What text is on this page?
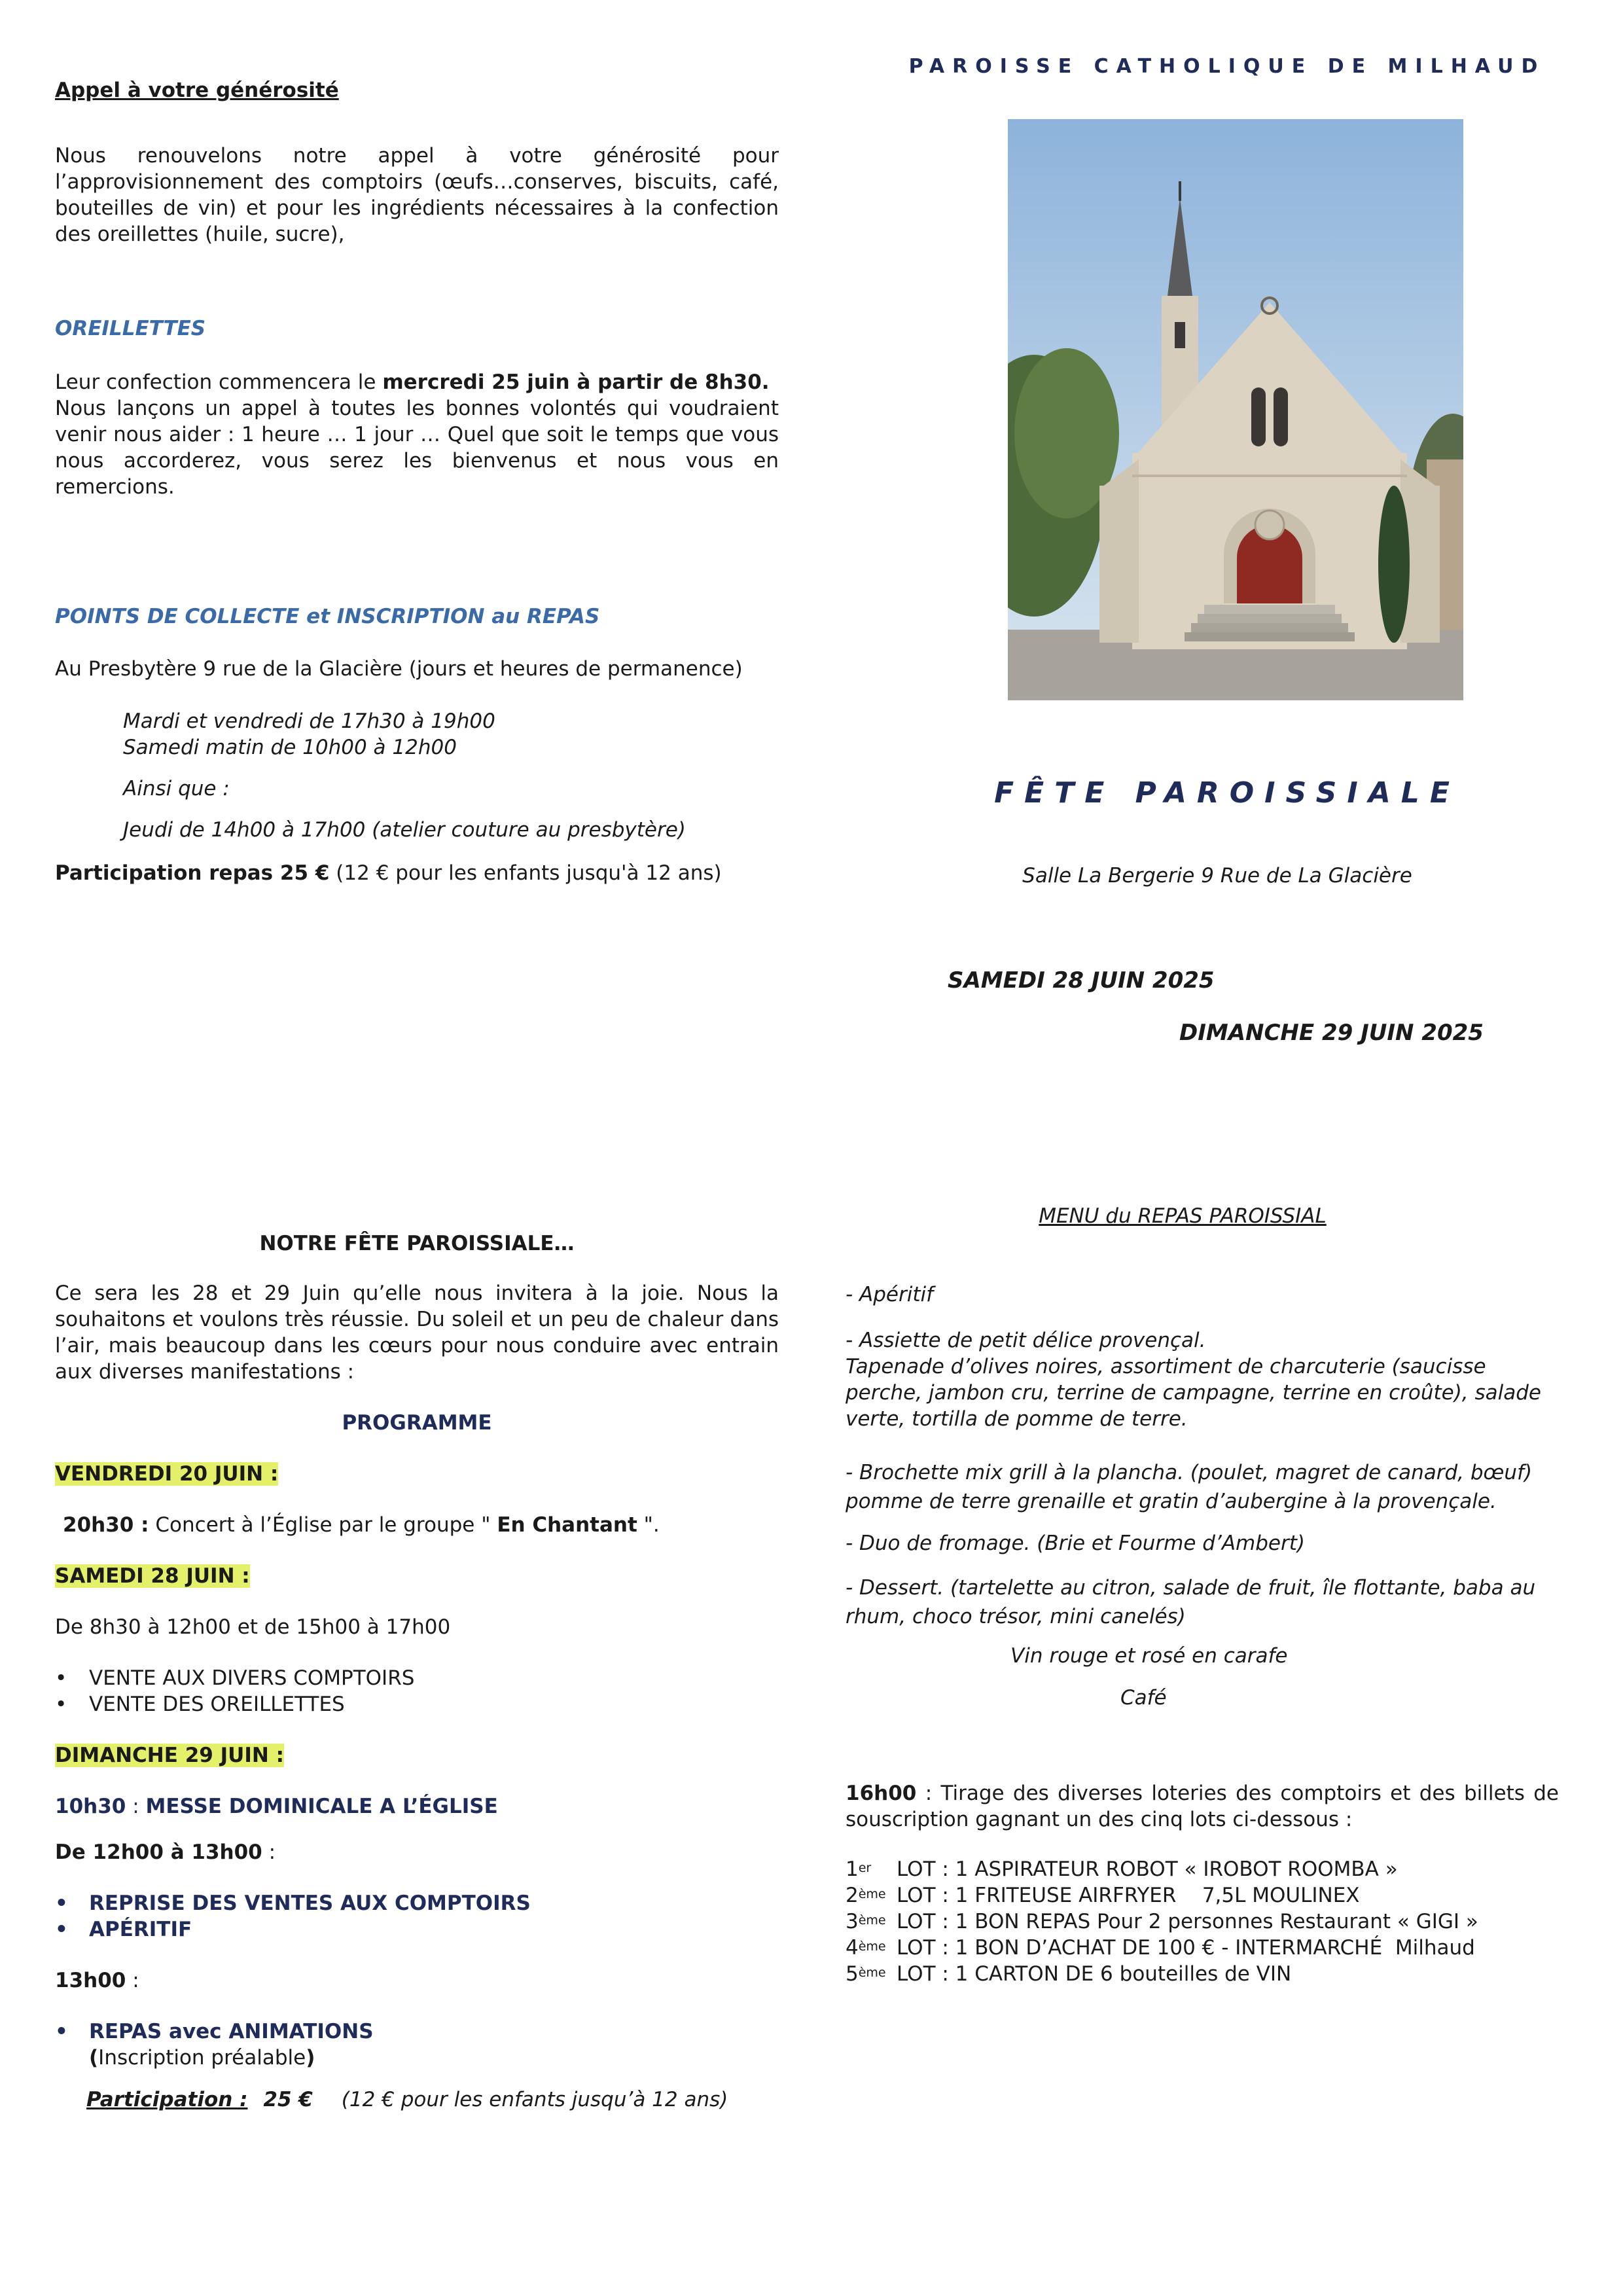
Appel à votre générosité

Nous renouvelons notre appel à votre générosité pour l’approvisionnement des comptoirs (œufs…conserves, biscuits, café, bouteilles de vin) et pour les ingrédients nécessaires à la confection des oreillettes (huile, sucre),

OREILLETTES

Leur confection commencera le mercredi 25 juin à partir de 8h30.

Nous lançons un appel à toutes les bonnes volontés qui voudraient venir nous aider : 1 heure … 1 jour … Quel que soit le temps que vous nous accorderez, vous serez les bienvenus et nous vous en remercions.

POINTS DE COLLECTE et INSCRIPTION au REPAS

Au Presbytère 9 rue de la Glacière (jours et heures de permanence)

Mardi et vendredi de 17h30 à 19h00

Samedi matin de 10h00 à 12h00

Ainsi que :

Jeudi de 14h00 à 17h00 (atelier couture au presbytère)

Participation repas 25 € (12 € pour les enfants jusqu'à 12 ans)

PAROISSE CATHOLIQUE DE MILHAUD
FÊTE PAROISSIALE
Salle La Bergerie 9 Rue de La Glacière
SAMEDI 28 JUIN 2025
DIMANCHE 29 JUIN 2025

NOTRE FÊTE PAROISSIALE…

Ce sera les 28 et 29 Juin qu’elle nous invitera à la joie. Nous la souhaitons et voulons très réussie. Du soleil et un peu de chaleur dans l’air, mais beaucoup dans les cœurs pour nous conduire avec entrain aux diverses manifestations :

PROGRAMME

VENDREDI 20 JUIN :

20h30 : Concert à l’Église par le groupe " En Chantant ".

SAMEDI 28 JUIN :

De 8h30 à 12h00 et de 15h00 à 17h00

• VENTE AUX DIVERS COMPTOIRS
• VENTE DES OREILLETTES

DIMANCHE 29 JUIN :

10h30 : MESSE DOMINICALE A L’ÉGLISE

De 12h00 à 13h00 :

• REPRISE DES VENTES AUX COMPTOIRS
• APÉRITIF

13h00 :

• REPAS avec ANIMATIONS

(Inscription préalable)

Participation : 25 € (12 € pour les enfants jusqu’à 12 ans)

MENU du REPAS PAROISSIAL

- Apéritif

- Assiette de petit délice provençal.

Tapenade d’olives noires, assortiment de charcuterie (saucisse perche, jambon cru, terrine de campagne, terrine en croûte), salade verte, tortilla de pomme de terre.

- Brochette mix grill à la plancha. (poulet, magret de canard, bœuf) pomme de terre grenaille et gratin d’aubergine à la provençale.

- Duo de fromage. (Brie et Fourme d’Ambert)

- Dessert. (tartelette au citron, salade de fruit, île flottante, baba au rhum, choco trésor, mini canelés)

Vin rouge et rosé en carafe

Café

16h00 : Tirage des diverses loteries des comptoirs et des billets de souscription gagnant un des cinq lots ci-dessous :

1er LOT : 1 ASPIRATEUR ROBOT « IROBOT ROOMBA »

2ème LOT : 1 FRITEUSE AIRFRYER    7,5L MOULINEX

3ème LOT : 1 BON REPAS Pour 2 personnes Restaurant « GIGI »

4ème LOT : 1 BON D’ACHAT DE 100 € - INTERMARCHÉ  Milhaud

5ème LOT : 1 CARTON DE 6 bouteilles de VIN
